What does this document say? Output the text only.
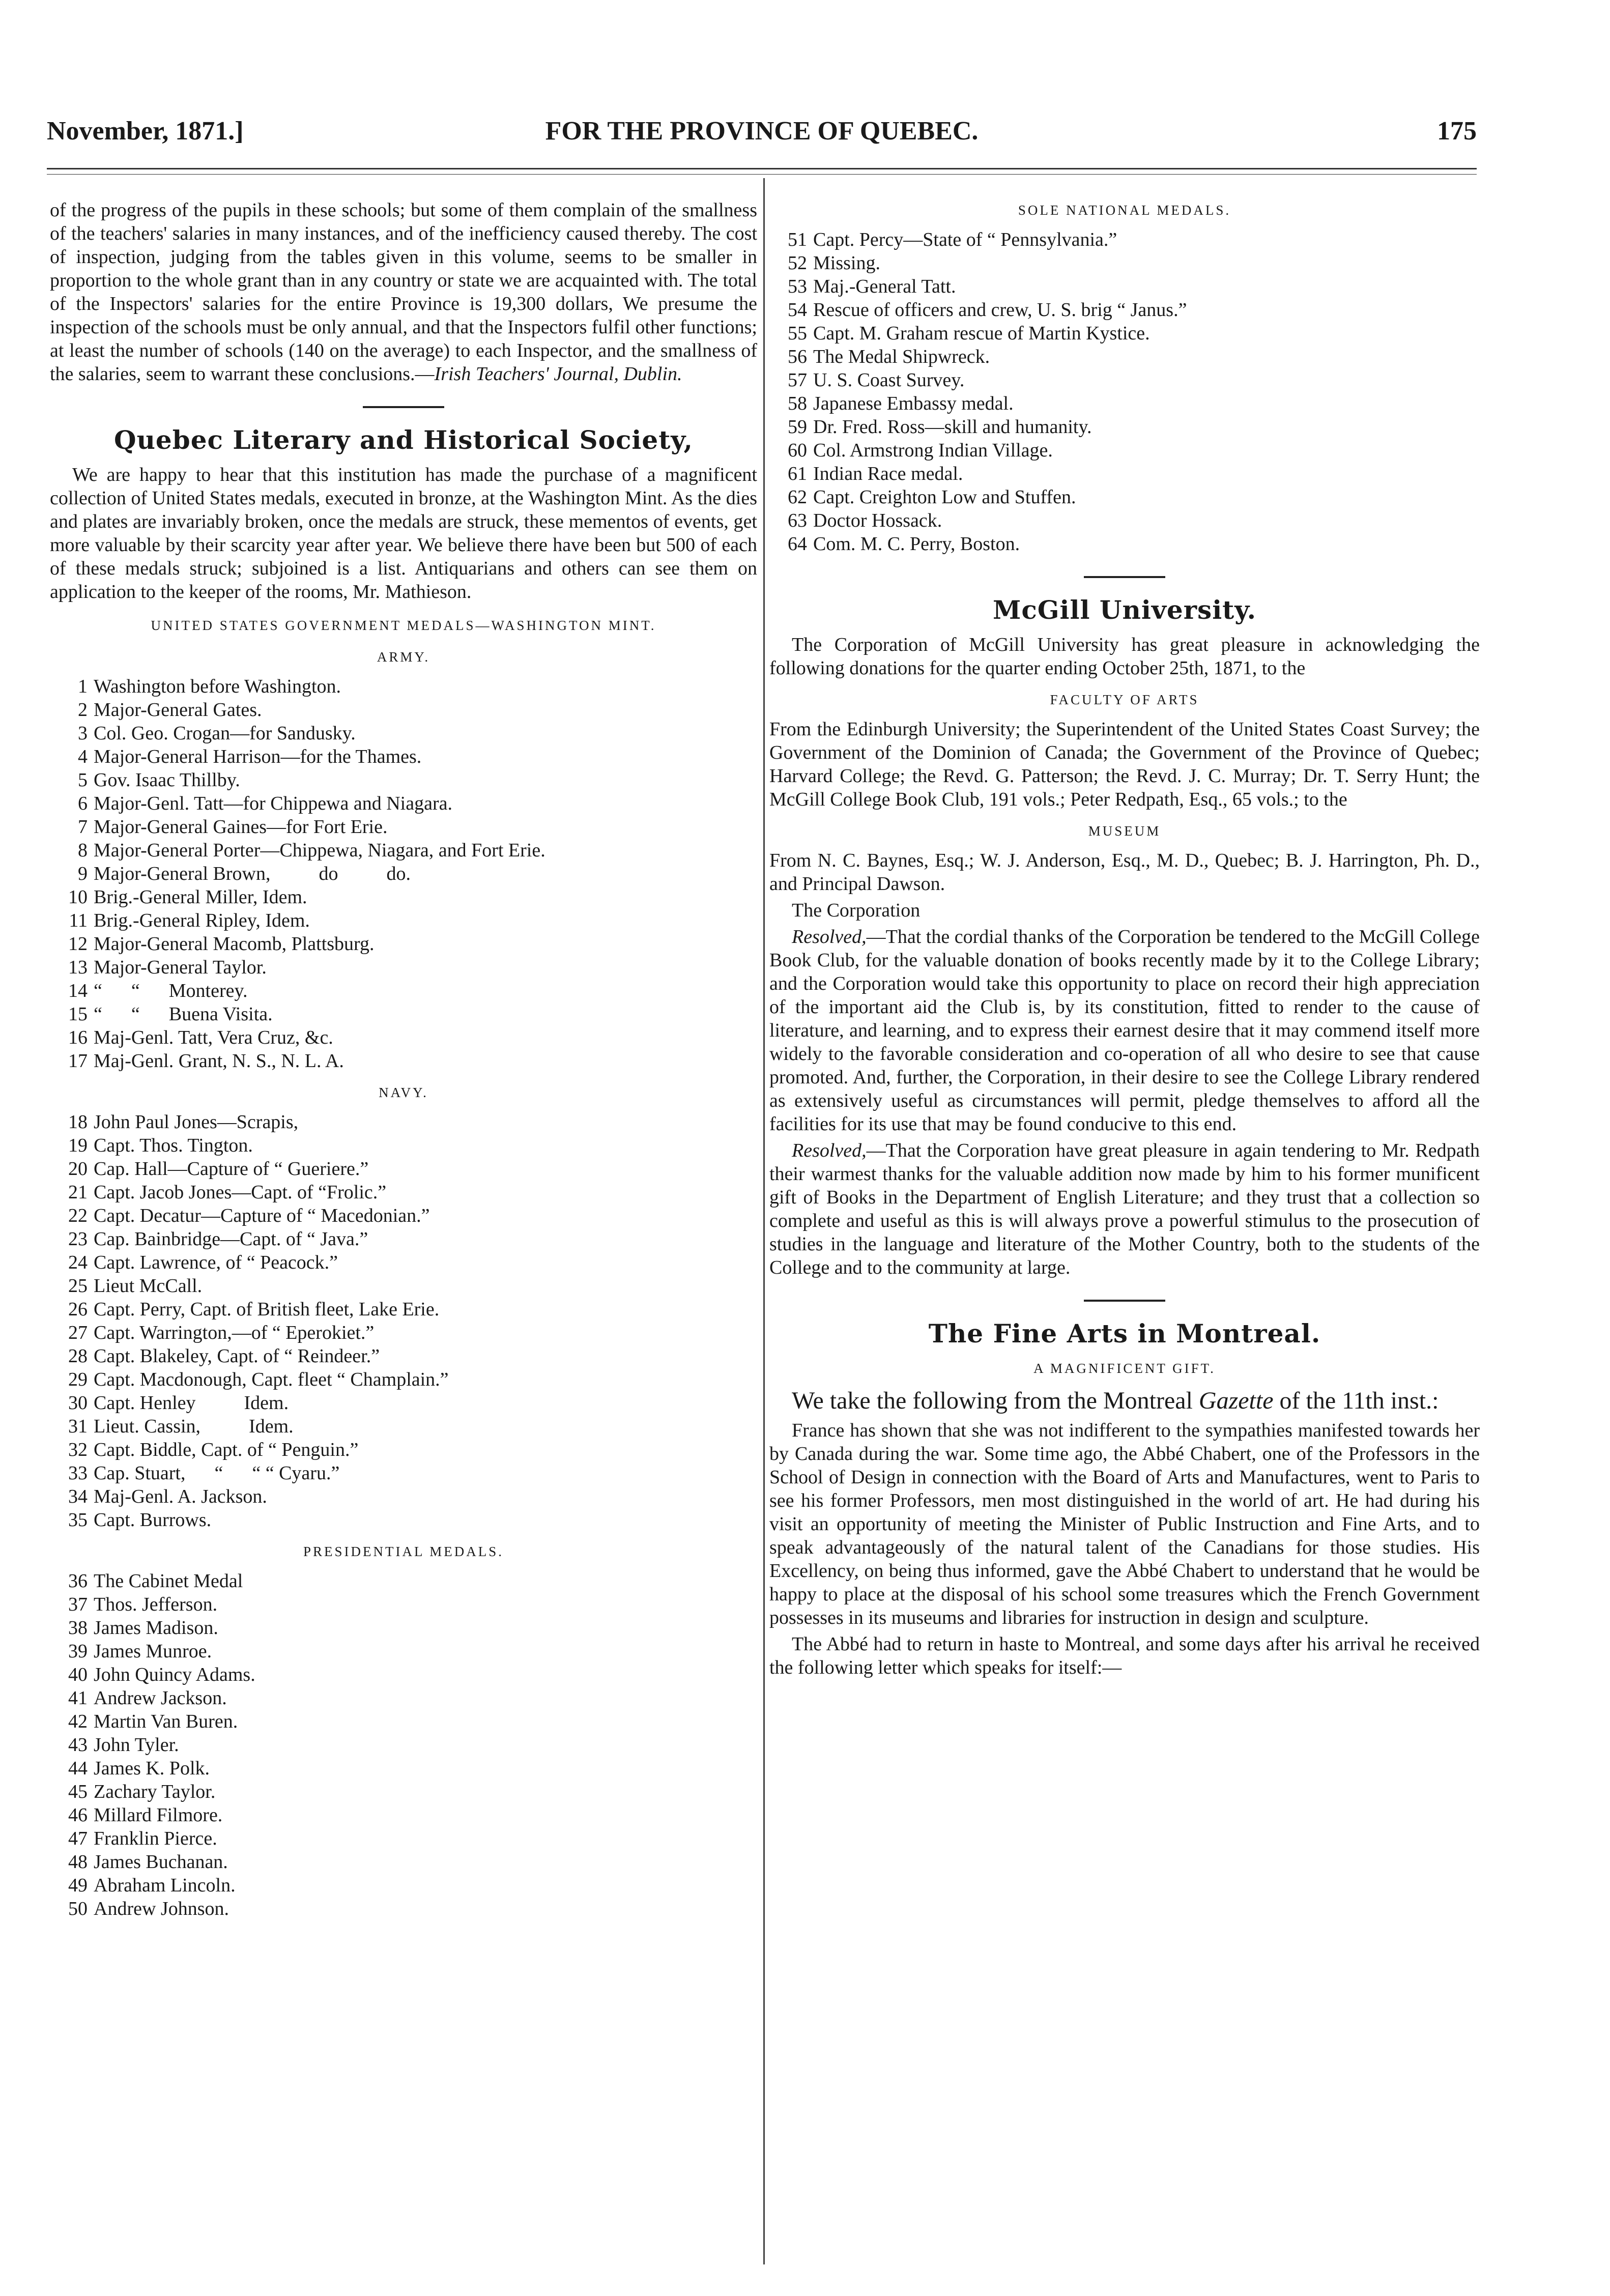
November, 1871.]	FOR THE PROVINCE OF QUEBEC.	175

of the progress of the pupils in these schools; but some of them complain of the smallness of the teachers' salaries in many instances, and of the inefficiency caused thereby. The cost of inspection, judging from the tables given in this volume, seems to be smaller in proportion to the whole grant than in any country or state we are acquainted with. The total of the Inspectors' salaries for the entire Province is 19,300 dollars, We presume the inspection of the schools must be only annual, and that the Inspectors fulfil other functions; at least the number of schools (140 on the average) to each Inspector, and the smallness of the salaries, seem to warrant these conclusions.—Irish Teachers' Journal, Dublin.

Quebec Literary and Historical Society,

We are happy to hear that this institution has made the purchase of a magnificent collection of United States medals, executed in bronze, at the Washington Mint. As the dies and plates are invariably broken, once the medals are struck, these mementos of events, get more valuable by their scarcity year after year. We believe there have been but 500 of each of these medals struck; subjoined is a list. Antiquarians and others can see them on application to the keeper of the rooms, Mr. Mathieson.

UNITED STATES GOVERNMENT MEDALS—WASHINGTON MINT.
ARMY.
1 Washington before Washington.
2 Major-General Gates.
3 Col. Geo. Crogan—for Sandusky.
4 Major-General Harrison—for the Thames.
5 Gov. Isaac Thillby.
6 Major-Genl. Tatt—for Chippewa and Niagara.
7 Major-General Gaines—for Fort Erie.
8 Major-General Porter—Chippewa, Niagara, and Fort Erie.
9 Major-General Brown,          do          do.
10 Brig.-General Miller, Idem.
11 Brig.-General Ripley, Idem.
12 Major-General Macomb, Plattsburg.
13 Major-General Taylor.
14 “      “      Monterey.
15 “      “      Buena Visita.
16 Maj-Genl. Tatt, Vera Cruz, &c.
17 Maj-Genl. Grant, N. S., N. L. A.
NAVY.
18 John Paul Jones—Scrapis,
19 Capt. Thos. Tington.
20 Cap. Hall—Capture of “ Gueriere.”
21 Capt. Jacob Jones—Capt. of “Frolic.”
22 Capt. Decatur—Capture of “ Macedonian.”
23 Cap. Bainbridge—Capt. of “ Java.”
24 Capt. Lawrence, of “ Peacock.”
25 Lieut McCall.
26 Capt. Perry, Capt. of British fleet, Lake Erie.
27 Capt. Warrington,—of “ Eperokiet.”
28 Capt. Blakeley, Capt. of “ Reindeer.”
29 Capt. Macdonough, Capt. fleet “ Champlain.”
30 Capt. Henley          Idem.
31 Lieut. Cassin,          Idem.
32 Capt. Biddle, Capt. of “ Penguin.”
33 Cap. Stuart,      “      “ “ Cyaru.”
34 Maj-Genl. A. Jackson.
35 Capt. Burrows.
PRESIDENTIAL MEDALS.
36 The Cabinet Medal
37 Thos. Jefferson.
38 James Madison.
39 James Munroe.
40 John Quincy Adams.
41 Andrew Jackson.
42 Martin Van Buren.
43 John Tyler.
44 James K. Polk.
45 Zachary Taylor.
46 Millard Filmore.
47 Franklin Pierce.
48 James Buchanan.
49 Abraham Lincoln.
50 Andrew Johnson.
SOLE NATIONAL MEDALS.
51 Capt. Percy—State of “ Pennsylvania.”
52 Missing.
53 Maj.-General Tatt.
54 Rescue of officers and crew, U. S. brig “ Janus.”
55 Capt. M. Graham rescue of Martin Kystice.
56 The Medal Shipwreck.
57 U. S. Coast Survey.
58 Japanese Embassy medal.
59 Dr. Fred. Ross—skill and humanity.
60 Col. Armstrong Indian Village.
61 Indian Race medal.
62 Capt. Creighton Low and Stuffen.
63 Doctor Hossack.
64 Com. M. C. Perry, Boston.
McGill University.

The Corporation of McGill University has great pleasure in acknowledging the following donations for the quarter ending October 25th, 1871, to the

FACULTY OF ARTS

From the Edinburgh University; the Superintendent of the United States Coast Survey; the Government of the Dominion of Canada; the Government of the Province of Quebec; Harvard College; the Revd. G. Patterson; the Revd. J. C. Murray; Dr. T. Serry Hunt; the McGill College Book Club, 191 vols.; Peter Redpath, Esq., 65 vols.; to the

MUSEUM

From N. C. Baynes, Esq.; W. J. Anderson, Esq., M. D., Quebec; B. J. Harrington, Ph. D., and Principal Dawson.

The Corporation

Resolved,—That the cordial thanks of the Corporation be tendered to the McGill College Book Club, for the valuable donation of books recently made by it to the College Library; and the Corporation would take this opportunity to place on record their high appreciation of the important aid the Club is, by its constitution, fitted to render to the cause of literature, and learning, and to express their earnest desire that it may commend itself more widely to the favorable consideration and co-operation of all who desire to see that cause promoted. And, further, the Corporation, in their desire to see the College Library rendered as extensively useful as circumstances will permit, pledge themselves to afford all the facilities for its use that may be found conducive to this end.

Resolved,—That the Corporation have great pleasure in again tendering to Mr. Redpath their warmest thanks for the valuable addition now made by him to his former munificent gift of Books in the Department of English Literature; and they trust that a collection so complete and useful as this is will always prove a powerful stimulus to the prosecution of studies in the language and literature of the Mother Country, both to the students of the College and to the community at large.

The Fine Arts in Montreal.
A MAGNIFICENT GIFT.

We take the following from the Montreal Gazette of the 11th inst.:

France has shown that she was not indifferent to the sympathies manifested towards her by Canada during the war. Some time ago, the Abbé Chabert, one of the Professors in the School of Design in connection with the Board of Arts and Manufactures, went to Paris to see his former Professors, men most distinguished in the world of art. He had during his visit an opportunity of meeting the Minister of Public Instruction and Fine Arts, and to speak advantageously of the natural talent of the Canadians for those studies. His Excellency, on being thus informed, gave the Abbé Chabert to understand that he would be happy to place at the disposal of his school some treasures which the French Government possesses in its museums and libraries for instruction in design and sculpture.

The Abbé had to return in haste to Montreal, and some days after his arrival he received the following letter which speaks for itself:—
